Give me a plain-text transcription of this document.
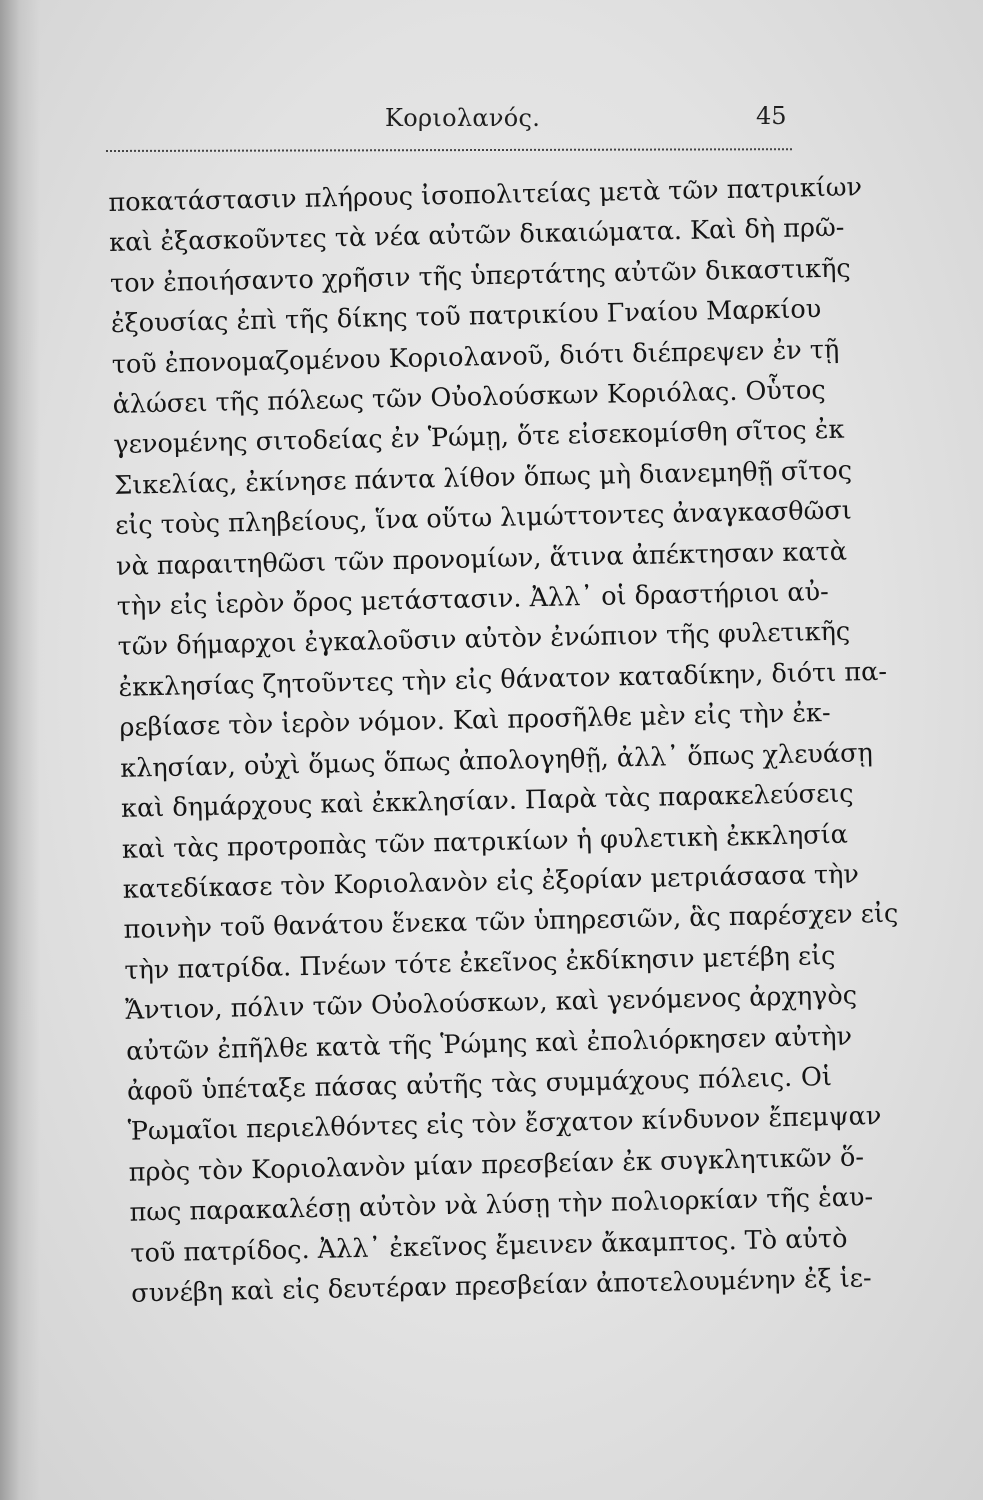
Κοριολανός.	45
ποκατάστασιν πλήρους ἰσοπολιτείας μετὰ τῶν πατρικίων
καὶ ἐξασκοῦντες τὰ νέα αὐτῶν δικαιώματα. Καὶ δὴ πρῶ-
τον ἐποιήσαντο χρῆσιν τῆς ὑπερτάτης αὐτῶν δικαστικῆς
ἐξουσίας ἐπὶ τῆς δίκης τοῦ πατρικίου Γναίου Μαρκίου
τοῦ ἐπονομαζομένου Κοριολανοῦ, διότι διέπρεψεν ἐν τῇ
ἁλώσει τῆς πόλεως τῶν Οὐολούσκων Κοριόλας. Οὗτος
γενομένης σιτοδείας ἐν Ῥώμῃ, ὅτε εἰσεκομίσθη σῖτος ἐκ
Σικελίας, ἐκίνησε πάντα λίθον ὅπως μὴ διανεμηθῇ σῖτος
εἰς τοὺς πληβείους, ἵνα οὕτω λιμώττοντες ἀναγκασθῶσι
νὰ παραιτηθῶσι τῶν προνομίων, ἅτινα ἀπέκτησαν κατὰ
τὴν εἰς ἱερὸν ὄρος μετάστασιν. Ἀλλ᾽ οἱ δραστήριοι αὐ-
τῶν δήμαρχοι ἐγκαλοῦσιν αὐτὸν ἐνώπιον τῆς φυλετικῆς
ἐκκλησίας ζητοῦντες τὴν εἰς θάνατον καταδίκην, διότι πα-
ρεβίασε τὸν ἱερὸν νόμον. Καὶ προσῆλθε μὲν εἰς τὴν ἐκ-
κλησίαν, οὐχὶ ὅμως ὅπως ἀπολογηθῇ, ἀλλ᾽ ὅπως χλευάσῃ
καὶ δημάρχους καὶ ἐκκλησίαν. Παρὰ τὰς παρακελεύσεις
καὶ τὰς προτροπὰς τῶν πατρικίων ἡ φυλετικὴ ἐκκλησία
κατεδίκασε τὸν Κοριολανὸν εἰς ἐξορίαν μετριάσασα τὴν
ποινὴν τοῦ θανάτου ἕνεκα τῶν ὑπηρεσιῶν, ἃς παρέσχεν εἰς
τὴν πατρίδα. Πνέων τότε ἐκεῖνος ἐκδίκησιν μετέβη εἰς
Ἄντιον, πόλιν τῶν Οὐολούσκων, καὶ γενόμενος ἀρχηγὸς
αὐτῶν ἐπῆλθε κατὰ τῆς Ῥώμης καὶ ἐπολιόρκησεν αὐτὴν
ἀφοῦ ὑπέταξε πάσας αὐτῆς τὰς συμμάχους πόλεις. Οἱ
Ῥωμαῖοι περιελθόντες εἰς τὸν ἔσχατον κίνδυνον ἔπεμψαν
πρὸς τὸν Κοριολανὸν μίαν πρεσβείαν ἐκ συγκλητικῶν ὅ-
πως παρακαλέσῃ αὐτὸν νὰ λύσῃ τὴν πολιορκίαν τῆς ἑαυ-
τοῦ πατρίδος. Ἀλλ᾽ ἐκεῖνος ἔμεινεν ἄκαμπτος. Τὸ αὐτὸ
συνέβη καὶ εἰς δευτέραν πρεσβείαν ἀποτελουμένην ἐξ ἱε-
